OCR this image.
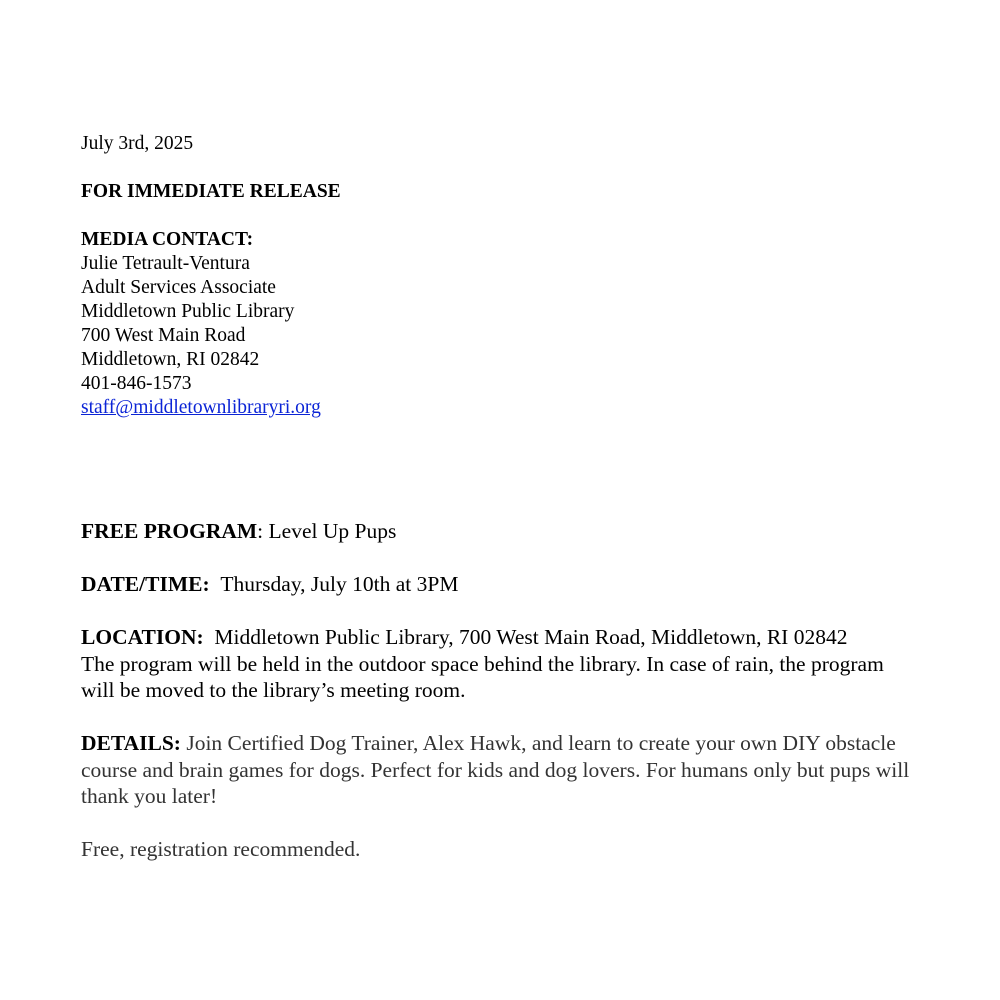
July 3rd, 2025
FOR IMMEDIATE RELEASE
MEDIA CONTACT:
Julie Tetrault-Ventura
Adult Services Associate
Middletown Public Library
700 West Main Road
Middletown, RI 02842
401-846-1573
staff@middletownlibraryri.org
FREE PROGRAM: Level Up Pups
DATE/TIME: Thursday, July 10th at 3PM
LOCATION: Middletown Public Library, 700 West Main Road, Middletown, RI 02842
The program will be held in the outdoor space behind the library. In case of rain, the program
will be moved to the library’s meeting room.
DETAILS: Join Certified Dog Trainer, Alex Hawk, and learn to create your own DIY obstacle
course and brain games for dogs. Perfect for kids and dog lovers. For humans only but pups will
thank you later!
Free, registration recommended.
